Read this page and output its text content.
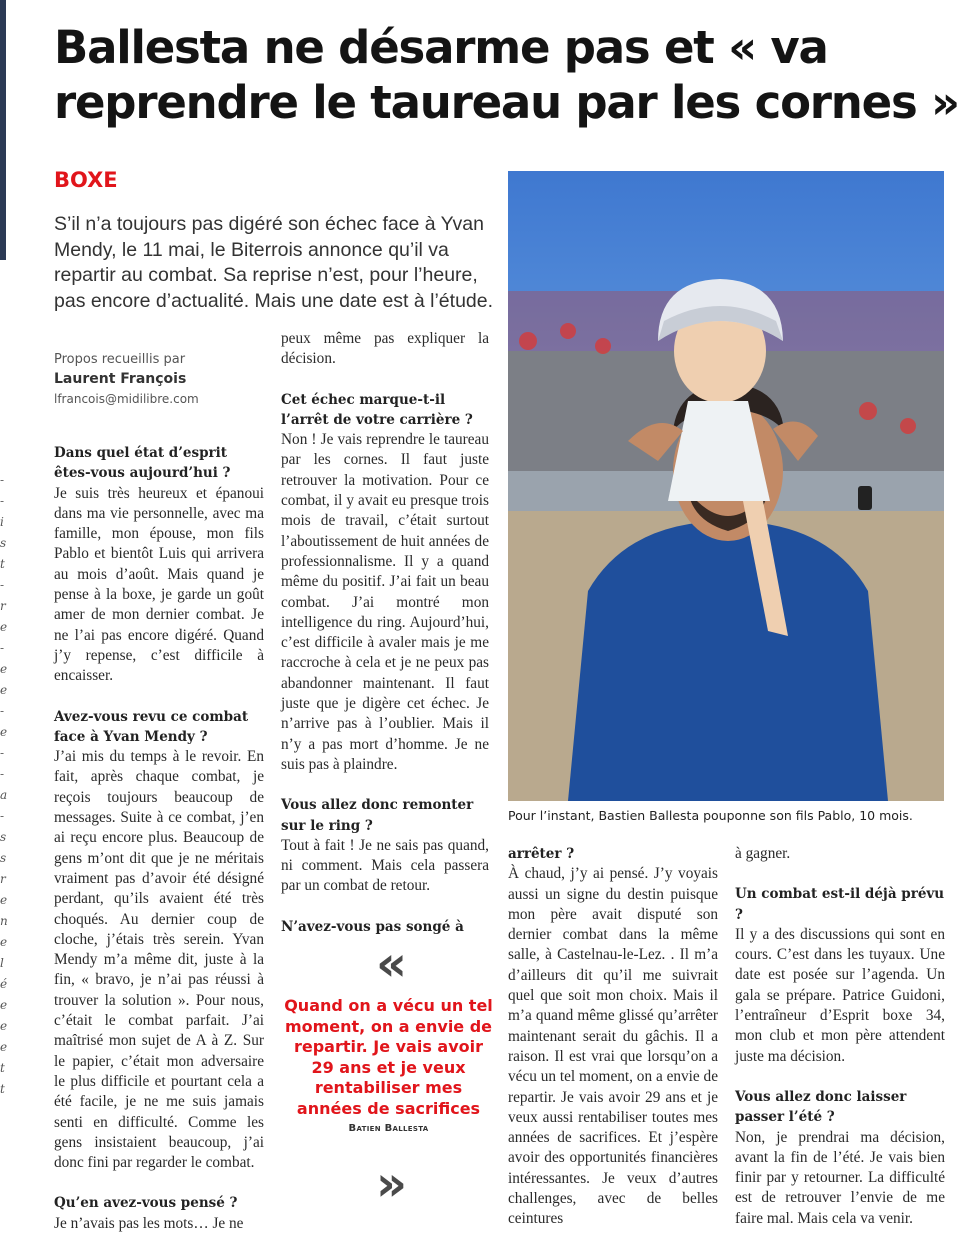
-
-
i
s
t
-
r
e
-
e
e
-
e
-
-
a
-
s
s
r
e
n
e
l
é
e
e
e
t
t
Ballesta ne désarme pas et « va reprendre le taureau par les cornes »
BOXE

S’il n’a toujours pas digéré son échec face à Yvan Mendy, le 11 mai, le Biterrois annonce qu’il va repartir au combat. Sa reprise n’est, pour l’heure, pas encore d’actualité. Mais une date est à l’étude.

Propos recueillis par
Laurent François
lfrancois@midilibre.com

Dans quel état d’esprit êtes-vous aujourd’hui ?
Je suis très heureux et épanoui dans ma vie personnelle, avec ma famille, mon épouse, mon fils Pablo et bientôt Luis qui arrivera au mois d’août. Mais quand je pense à la boxe, je garde un goût amer de mon dernier combat. Je ne l’ai pas encore digéré. Quand j’y repense, c’est difficile à encaisser.

Avez-vous revu ce combat face à Yvan Mendy ?
J’ai mis du temps à le revoir. En fait, après chaque combat, je reçois toujours beaucoup de messages. Suite à ce combat, j’en ai reçu encore plus. Beaucoup de gens m’ont dit que je ne méritais vraiment pas d’avoir été désigné perdant, qu’ils avaient été très choqués. Au dernier coup de cloche, j’étais très serein. Yvan Mendy m’a même dit, juste à la fin, « bravo, je n’ai pas réussi à trouver la solution ». Pour nous, c’était le combat parfait. J’ai maîtrisé mon sujet de A à Z. Sur le papier, c’était mon adversaire le plus difficile et pourtant cela a été facile, je ne me suis jamais senti en difficulté. Comme les gens insistaient beaucoup, j’ai donc fini par regarder le combat.

Qu’en avez-vous pensé ?
Je n’avais pas les mots… Je ne

peux même pas expliquer la décision.

Cet échec marque-t-il l’arrêt de votre carrière ?
Non ! Je vais reprendre le taureau par les cornes. Il faut juste retrouver la motivation. Pour ce combat, il y avait eu presque trois mois de travail, c’était surtout l’aboutissement de huit années de professionnalisme. Il y a quand même du positif. J’ai fait un beau combat. J’ai montré mon intelligence du ring. Aujourd’hui, c’est difficile à avaler mais je me raccroche à cela et je ne peux pas abandonner maintenant. Il faut juste que je digère cet échec. Je n’arrive pas à l’oublier. Mais il n’y a pas mort d’homme. Je ne suis pas à plaindre.

Vous allez donc remonter sur le ring ?
Tout à fait ! Je ne sais pas quand, ni comment. Mais cela passera par un combat de retour.

N’avez-vous pas songé à

«
Quand on a vécu un tel moment, on a envie de repartir. Je vais avoir 29 ans et je veux rentabiliser mes années de sacrifices
Batien Ballesta
»
Pour l’instant, Bastien Ballesta pouponne son fils Pablo, 10 mois.

arrêter ?
À chaud, j’y ai pensé. J’y voyais aussi un signe du destin puisque mon père avait disputé son dernier combat dans la même salle, à Castelnau-le-Lez. . Il m’a d’ailleurs dit qu’il me suivrait quel que soit mon choix. Mais il m’a quand même glissé qu’arrêter maintenant serait du gâchis. Il a raison. Il est vrai que lorsqu’on a vécu un tel moment, on a envie de repartir. Je vais avoir 29 ans et je veux aussi rentabiliser toutes mes années de sacrifices. Et j’espère avoir des opportunités financières intéressantes. Je veux d’autres challenges, avec de belles ceintures

à gagner.

Un combat est-il déjà prévu ?
Il y a des discussions qui sont en cours. C’est dans les tuyaux. Une date est posée sur l’agenda. Un gala se prépare. Patrice Guidoni, l’entraîneur d’Esprit boxe 34, mon club et mon père attendent juste ma décision.

Vous allez donc laisser passer l’été ?
Non, je prendrai ma décision, avant la fin de l’été. Je vais bien finir par y retourner. La difficulté est de retrouver l’envie de me faire mal. Mais cela va venir.
